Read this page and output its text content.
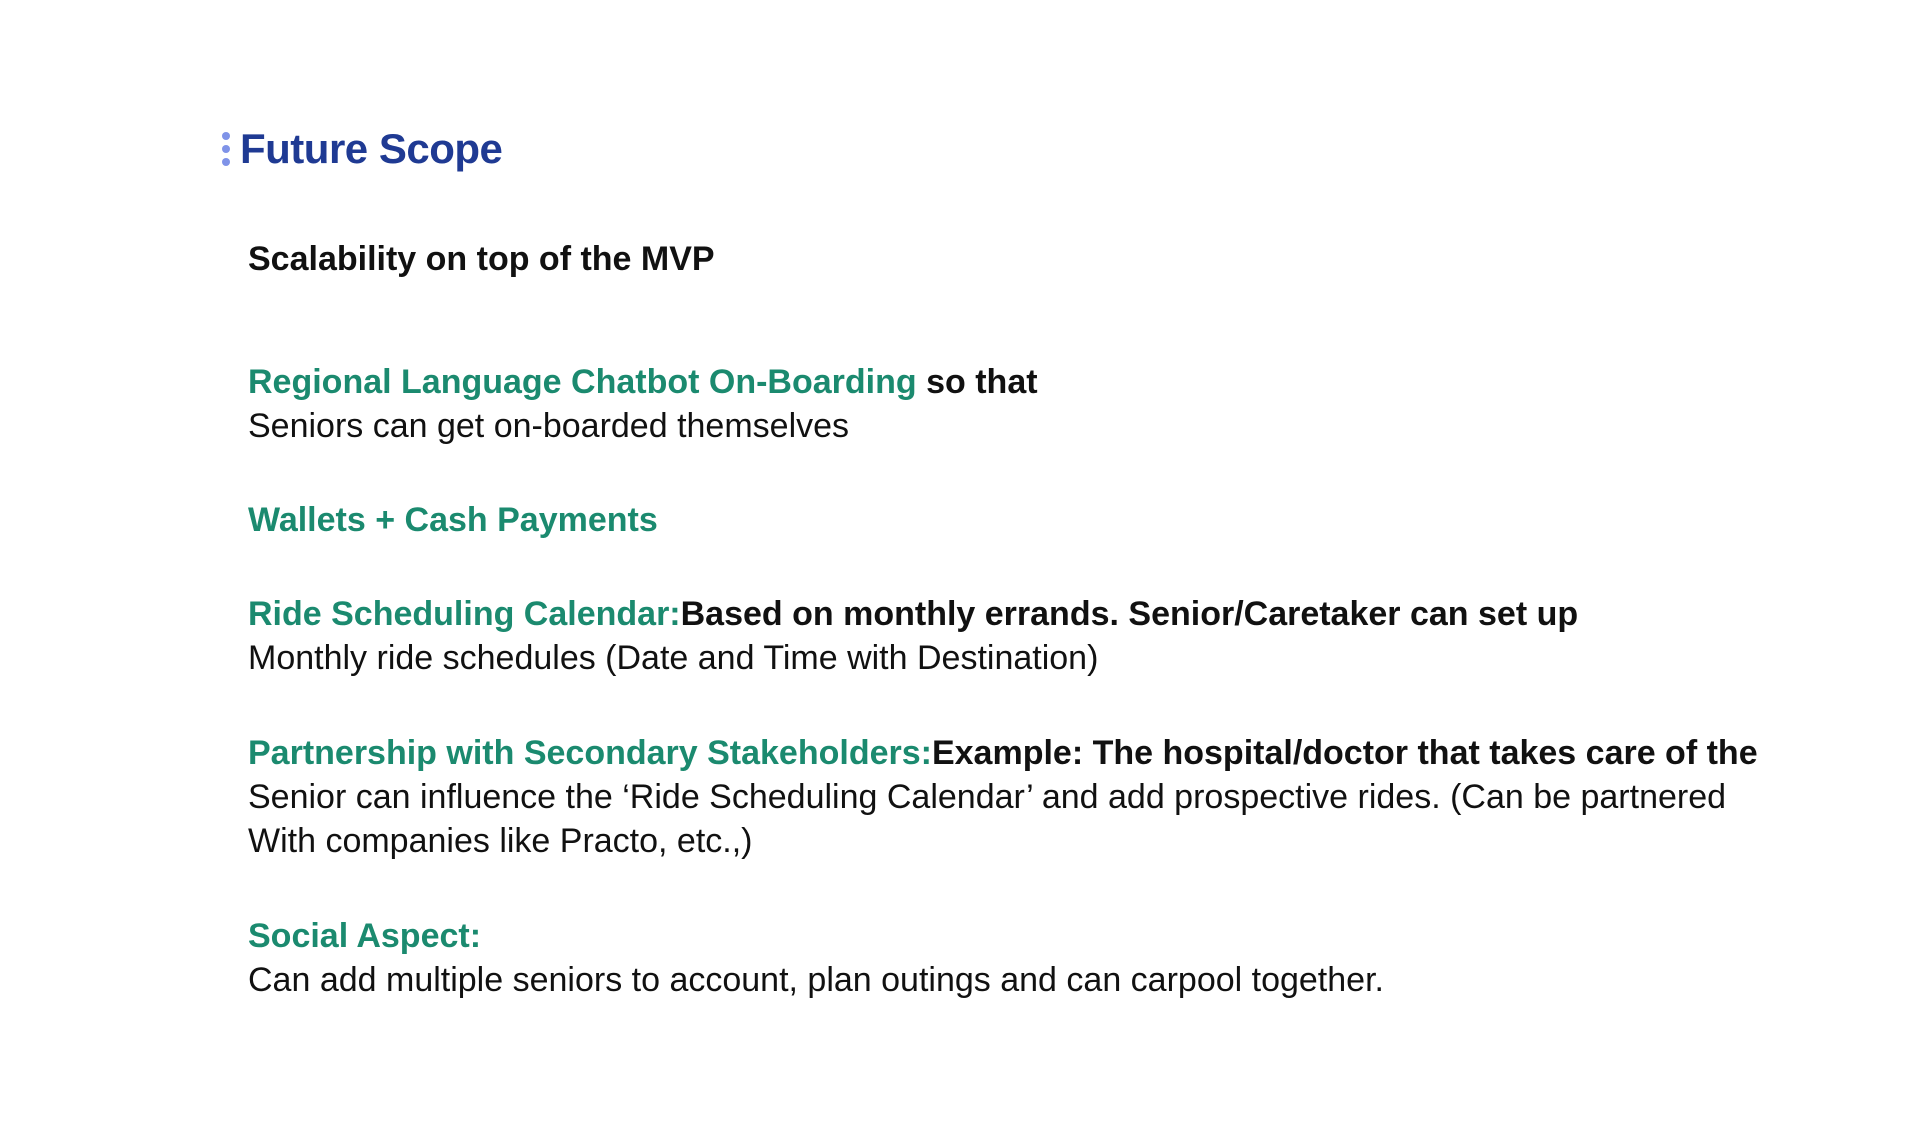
Future Scope

Scalability on top of the MVP

Regional Language Chatbot On-Boarding so that
Seniors can get on-boarded themselves

Wallets + Cash Payments

Ride Scheduling Calendar:Based on monthly errands. Senior/Caretaker can set up
Monthly ride schedules (Date and Time with Destination)

Partnership with Secondary Stakeholders:Example: The hospital/doctor that takes care of the
Senior can influence the ‘Ride Scheduling Calendar’ and add prospective rides. (Can be partnered
With companies like Practo, etc.,)

Social Aspect:
Can add multiple seniors to account, plan outings and can carpool together.
